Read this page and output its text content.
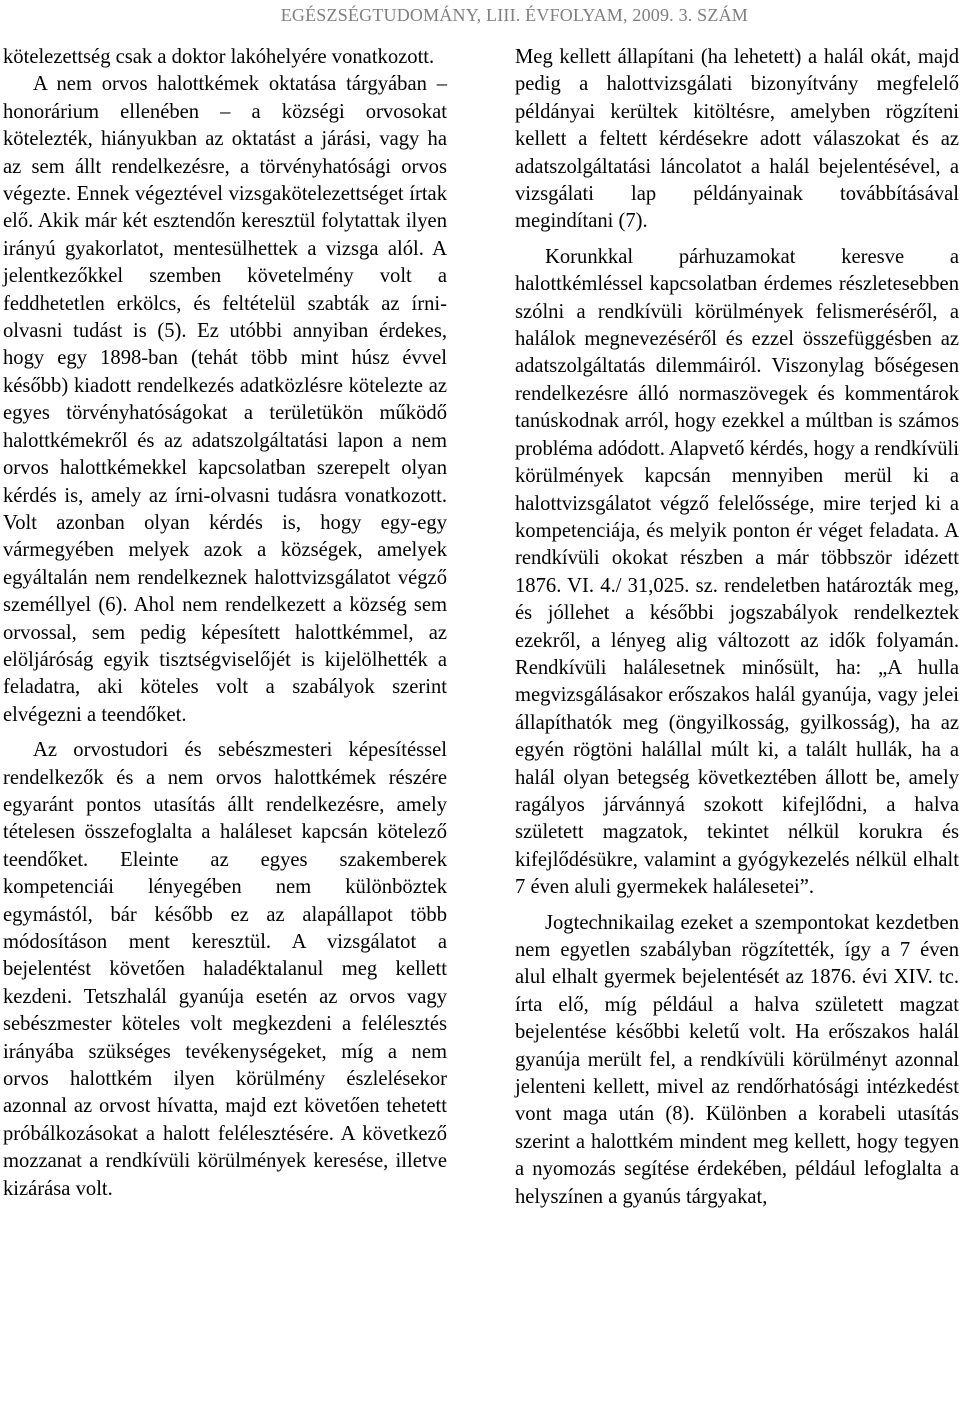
EGÉSZSÉGTUDOMÁNY, LIII. ÉVFOLYAM, 2009. 3. SZÁM

kötelezettség csak a doktor lakóhelyére vonatkozott.

A nem orvos halottkémek oktatása tárgyában – honorárium ellenében – a községi orvosokat kötelezték, hiányukban az oktatást a járási, vagy ha az sem állt rendelkezésre, a törvényhatósági orvos végezte. Ennek végeztével vizsgakötelezettséget írtak elő. Akik már két esztendőn keresztül folytattak ilyen irányú gyakorlatot, mentesülhettek a vizsga alól. A jelentkezőkkel szemben követelmény volt a feddhetetlen erkölcs, és feltételül szabták az írni-olvasni tudást is (5). Ez utóbbi annyiban érdekes, hogy egy 1898-ban (tehát több mint húsz évvel később) kiadott rendelkezés adatközlésre kötelezte az egyes törvényhatóságokat a területükön működő halottkémekről és az adatszolgáltatási lapon a nem orvos halottkémekkel kapcsolatban szerepelt olyan kérdés is, amely az írni-olvasni tudásra vonatkozott. Volt azonban olyan kérdés is, hogy egy-egy vármegyében melyek azok a községek, amelyek egyáltalán nem rendelkeznek halottvizsgálatot végző személlyel (6). Ahol nem rendelkezett a község sem orvossal, sem pedig képesített halottkémmel, az elöljáróság egyik tisztségviselőjét is kijelölhették a feladatra, aki köteles volt a szabályok szerint elvégezni a teendőket.

Az orvostudori és sebészmesteri képesítéssel rendelkezők és a nem orvos halottkémek részére egyaránt pontos utasítás állt rendelkezésre, amely tételesen összefoglalta a haláleset kapcsán kötelező teendőket. Eleinte az egyes szakemberek kompetenciái lényegében nem különböztek egymástól, bár később ez az alapállapot több módosításon ment keresztül. A vizsgálatot a bejelentést követően haladéktalanul meg kellett kezdeni. Tetszhalál gyanúja esetén az orvos vagy sebészmester köteles volt megkezdeni a felélesztés irányába szükséges tevékenységeket, míg a nem orvos halottkém ilyen körülmény észlelésekor azonnal az orvost hívatta, majd ezt követően tehetett próbálkozásokat a halott felélesztésére. A következő mozzanat a rendkívüli körülmények keresése, illetve kizárása volt.

Meg kellett állapítani (ha lehetett) a halál okát, majd pedig a halottvizsgálati bizonyítvány megfelelő példányai kerültek kitöltésre, amelyben rögzíteni kellett a feltett kérdésekre adott válaszokat és az adatszolgáltatási láncolatot a halál bejelentésével, a vizsgálati lap példányainak továbbításával megindítani (7).

Korunkkal párhuzamokat keresve a halottkémléssel kapcsolatban érdemes részletesebben szólni a rendkívüli körülmények felismeréséről, a halálok megnevezéséről és ezzel összefüggésben az adatszolgáltatás dilemmáiról. Viszonylag bőségesen rendelkezésre álló normaszövegek és kommentárok tanúskodnak arról, hogy ezekkel a múltban is számos probléma adódott. Alapvető kérdés, hogy a rendkívüli körülmények kapcsán mennyiben merül ki a halottvizsgálatot végző felelőssége, mire terjed ki a kompetenciája, és melyik ponton ér véget feladata. A rendkívüli okokat részben a már többször idézett 1876. VI. 4./ 31,025. sz. rendeletben határozták meg, és jóllehet a későbbi jogszabályok rendelkeztek ezekről, a lényeg alig változott az idők folyamán. Rendkívüli halálesetnek minősült, ha: „A hulla megvizsgálásakor erőszakos halál gyanúja, vagy jelei állapíthatók meg (öngyilkosság, gyilkosság), ha az egyén rögtöni halállal múlt ki, a talált hullák, ha a halál olyan betegség következtében állott be, amely ragályos járvánnyá szokott kifejlődni, a halva született magzatok, tekintet nélkül korukra és kifejlődésükre, valamint a gyógykezelés nélkül elhalt 7 éven aluli gyermekek halálesetei”.

Jogtechnikailag ezeket a szempontokat kezdetben nem egyetlen szabályban rögzítették, így a 7 éven alul elhalt gyermek bejelentését az 1876. évi XIV. tc. írta elő, míg például a halva született magzat bejelentése későbbi keletű volt. Ha erőszakos halál gyanúja merült fel, a rendkívüli körülményt azonnal jelenteni kellett, mivel az rendőrhatósági intézkedést vont maga után (8). Különben a korabeli utasítás szerint a halottkém mindent meg kellett, hogy tegyen a nyomozás segítése érdekében, például lefoglalta a helyszínen a gyanús tárgyakat,
